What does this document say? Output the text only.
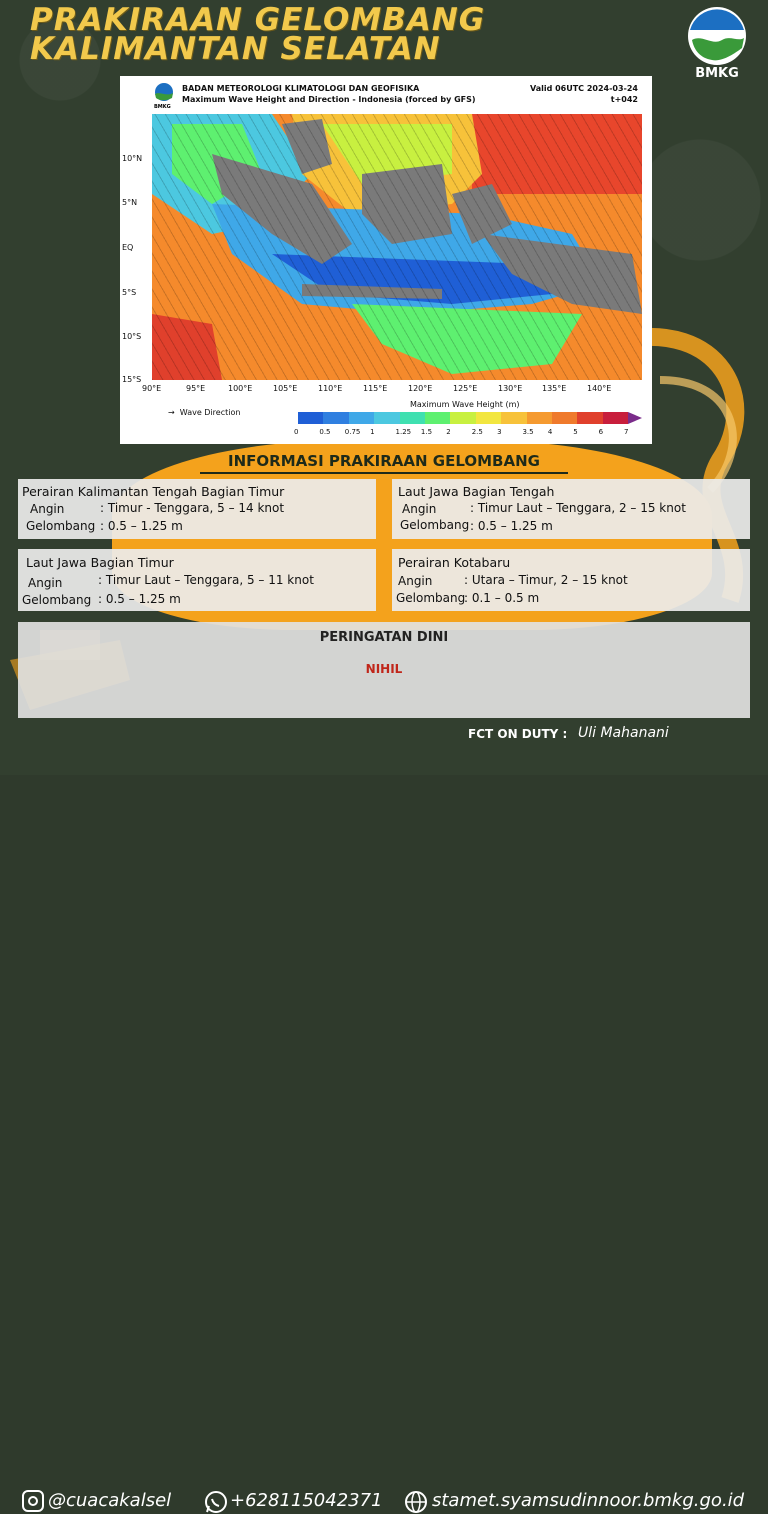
PRAKIRAAN GELOMBANG
KALIMANTAN SELATAN
BMKG
BMKG
BADAN METEOROLOGI KLIMATOLOGI DAN GEOFISIKA
Maximum Wave Height and Direction - Indonesia (forced by GFS)
Valid 06UTC 2024-03-24
t+042
10°N
5°N
EQ
5°S
10°S
15°S
90°E	95°E	100°E	105°E	110°E	115°E	120°E	125°E	130°E 135°E	140°E
→  Wave Direction
Maximum Wave Height (m)
0	0.5 0.75 1	1.25 1.5 2	2.5 3	3.5 4	5	6	7
INFORMASI PRAKIRAAN GELOMBANG
Perairan Kalimantan Tengah Bagian Timur
Angin	: Timur - Tenggara, 5 – 14 knot
Gelombang : 0.5 – 1.25 m
Laut Jawa Bagian Tengah
Angin	: Timur Laut – Tenggara, 2 – 15 knot
Gelombang : 0.5 – 1.25 m
Laut Jawa Bagian Timur
Angin	: Timur Laut – Tenggara, 5 – 11 knot
Gelombang : 0.5 – 1.25 m
Perairan Kotabaru
Angin	: Utara – Timur, 2 – 15 knot
Gelombang
: 0.1 – 0.5 m
PERINGATAN DINI
NIHIL
FCT ON DUTY : Uli Mahanani
@cuacakalsel	+628115042371	stamet.syamsudinnoor.bmkg.go.id
